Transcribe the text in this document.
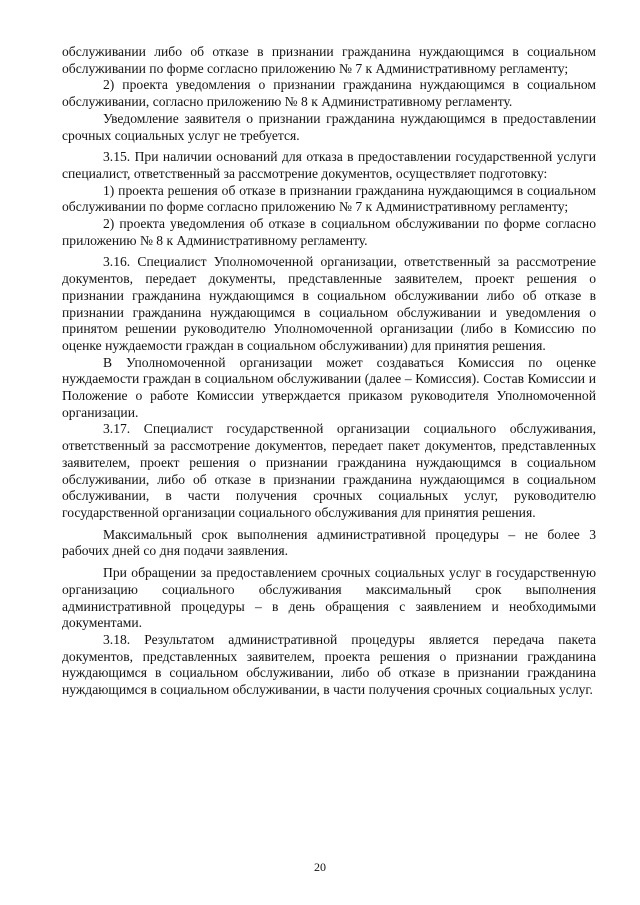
обслуживании либо об отказе в признании гражданина нуждающимся в социальном обслуживании по форме согласно приложению № 7 к Административному регламенту;

2) проекта уведомления о признании гражданина нуждающимся в социальном обслуживании, согласно приложению № 8 к Административному регламенту.

Уведомление заявителя о признании гражданина нуждающимся в предоставлении срочных социальных услуг не требуется.

3.15. При наличии оснований для отказа в предоставлении государственной услуги специалист, ответственный за рассмотрение документов, осуществляет подготовку:

1) проекта решения об отказе в признании гражданина нуждающимся в социальном обслуживании по форме согласно приложению № 7 к Административному регламенту;

2) проекта уведомления об отказе в социальном обслуживании по форме согласно приложению № 8 к Административному регламенту.

3.16. Специалист Уполномоченной организации, ответственный за рассмотрение документов, передает документы, представленные заявителем, проект решения о признании гражданина нуждающимся в социальном обслуживании либо об отказе в признании гражданина нуждающимся в социальном обслуживании и уведомления о принятом решении руководителю Уполномоченной организации (либо в Комиссию по оценке нуждаемости граждан в социальном обслуживании) для принятия решения.

В Уполномоченной организации может создаваться Комиссия по оценке нуждаемости граждан в социальном обслуживании (далее – Комиссия). Состав Комиссии и Положение о работе Комиссии утверждается приказом руководителя Уполномоченной организации.

3.17. Специалист государственной организации социального обслуживания, ответственный за рассмотрение документов, передает пакет документов, представленных заявителем, проект решения о признании гражданина нуждающимся в социальном обслуживании, либо об отказе в признании гражданина нуждающимся в социальном обслуживании, в части получения срочных социальных услуг, руководителю государственной организации социального обслуживания для принятия решения.

Максимальный срок выполнения административной процедуры – не более 3 рабочих дней со дня подачи заявления.

При обращении за предоставлением срочных социальных услуг в государственную организацию социального обслуживания максимальный срок выполнения административной процедуры – в день обращения с заявлением и необходимыми документами.

3.18. Результатом административной процедуры является передача пакета документов, представленных заявителем, проекта решения о признании гражданина нуждающимся в социальном обслуживании, либо об отказе в признании гражданина нуждающимся в социальном обслуживании, в части получения срочных социальных услуг.

20
